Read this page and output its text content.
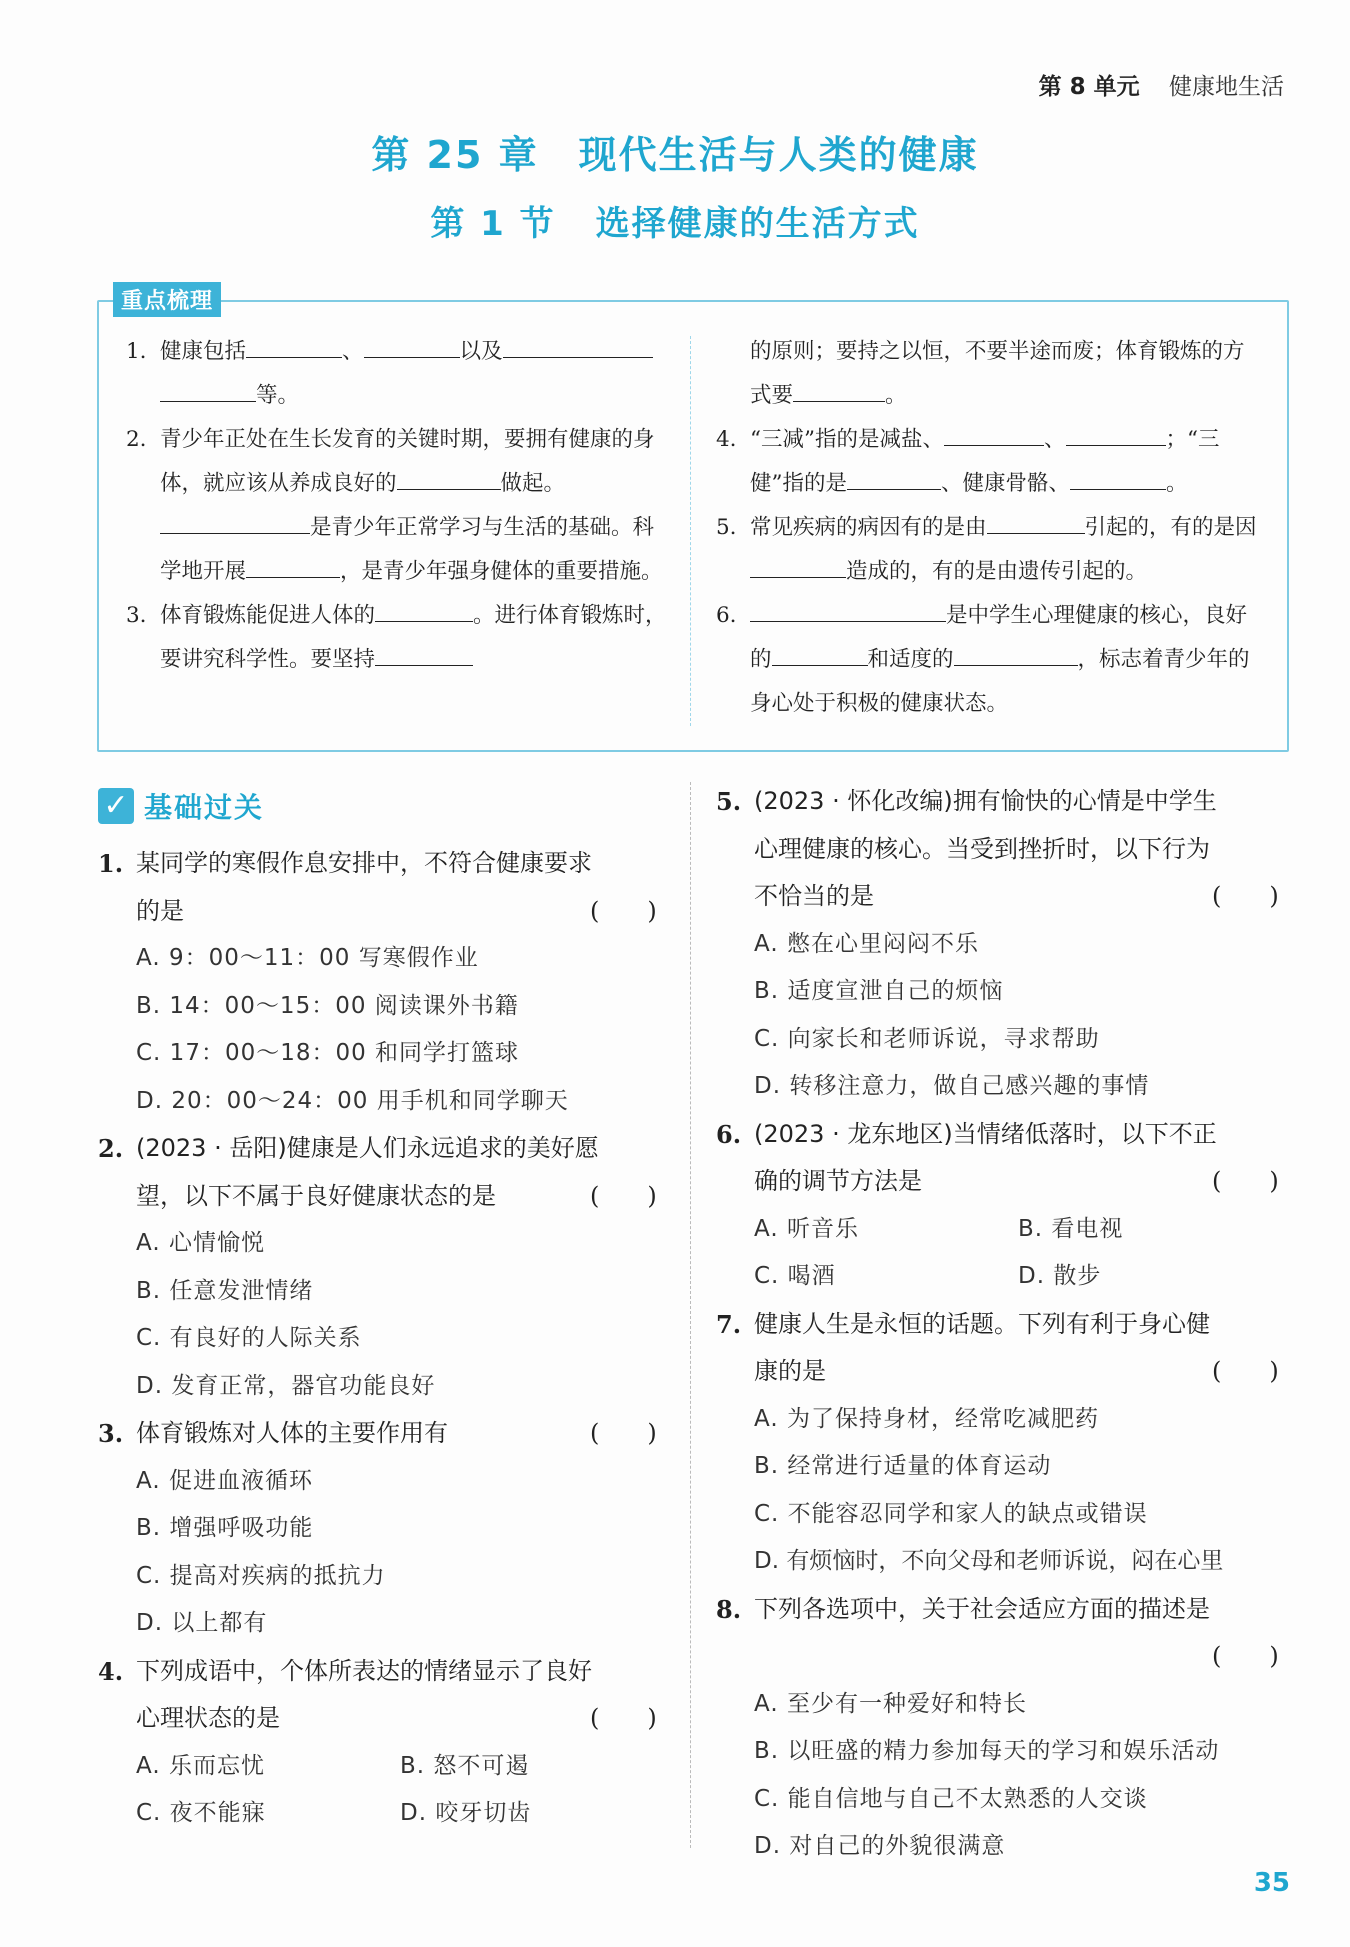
第 8 单元 健康地生活
第 25 章 现代生活与人类的健康
第 1 节 选择健康的生活方式
重点梳理
1. 健康包括	、	以及
等。
2. 青少年正处在生长发育的关键时期，要拥有健康的身体，就应该从养成良好的	做起。
是青少年正常学习与生活的基础。科学地开展	，是青少年强身健体的重要措施。
3. 体育锻炼能促进人体的	。进行体育锻炼时，要讲究科学性。要坚持
的原则；要持之以恒，不要半途而废；体育锻炼的方式要	。
4. “三减”指的是减盐、	、	；“三健”指的是	、健康骨骼、	。
5. 常见疾病的病因有的是由	引起的，有的是因造成的，有的是由遗传引起的。
6.	是中学生心理健康的核心，良好的	和适度的	，标志着青少年的身心处于积极的健康状态。
✓ 基础过关
1. 某同学的寒假作息安排中，不符合健康要求
的是	(　　)
A. 9：00～11：00 写寒假作业
B. 14：00～15：00 阅读课外书籍
C. 17：00～18：00 和同学打篮球
D. 20：00～24：00 用手机和同学聊天
2. (2023 · 岳阳)健康是人们永远追求的美好愿
望，以下不属于良好健康状态的是	(　　)
A. 心情愉悦
B. 任意发泄情绪
C. 有良好的人际关系
D. 发育正常，器官功能良好
3. 体育锻炼对人体的主要作用有	(　　)
A. 促进血液循环
B. 增强呼吸功能
C. 提高对疾病的抵抗力
D. 以上都有
4. 下列成语中，个体所表达的情绪显示了良好
心理状态的是	(　　)
A. 乐而忘忧	B. 怒不可遏
C. 夜不能寐	D. 咬牙切齿
5. (2023 · 怀化改编)拥有愉快的心情是中学生
心理健康的核心。当受到挫折时，以下行为
不恰当的是	(　　)
A. 憋在心里闷闷不乐
B. 适度宣泄自己的烦恼
C. 向家长和老师诉说，寻求帮助
D. 转移注意力，做自己感兴趣的事情
6. (2023 · 龙东地区)当情绪低落时，以下不正
确的调节方法是	(　　)
A. 听音乐	B. 看电视
C. 喝酒	D. 散步
7. 健康人生是永恒的话题。下列有利于身心健
康的是	(　　)
A. 为了保持身材，经常吃减肥药
B. 经常进行适量的体育运动
C. 不能容忍同学和家人的缺点或错误
D. 有烦恼时，不向父母和老师诉说，闷在心里
8. 下列各选项中，关于社会适应方面的描述是
(　　)
A. 至少有一种爱好和特长
B. 以旺盛的精力参加每天的学习和娱乐活动
C. 能自信地与自己不太熟悉的人交谈
D. 对自己的外貌很满意
35
